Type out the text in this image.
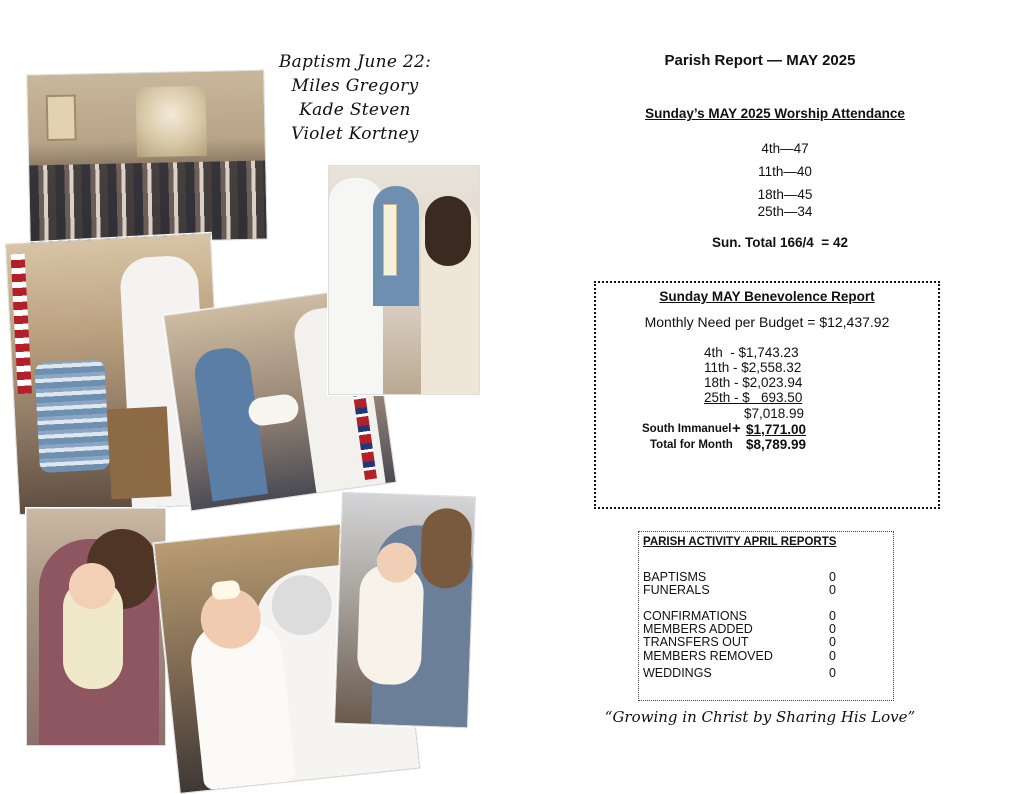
Baptism June 22:
Miles Gregory
Kade Steven
Violet Kortney
Parish Report — MAY 2025
Sunday’s MAY 2025 Worship Attendance
4th—47
11th—40
18th—45
25th—34
Sun. Total 166/4  = 42
Sunday MAY Benevolence Report
Monthly Need per Budget = $12,437.92
4th  - $1,743.23
11th - $2,558.32
18th - $2,023.94
25th - $   693.50
$7,018.99
South Immanuel + $1,771.00
Total for Month $8,789.99
PARISH ACTIVITY APRIL REPORTS
BAPTISMS	0
FUNERALS	0
CONFIRMATIONS	0
MEMBERS ADDED	0
TRANSFERS OUT	0
MEMBERS REMOVED	0
WEDDINGS	0
“Growing in Christ by Sharing His Love”
